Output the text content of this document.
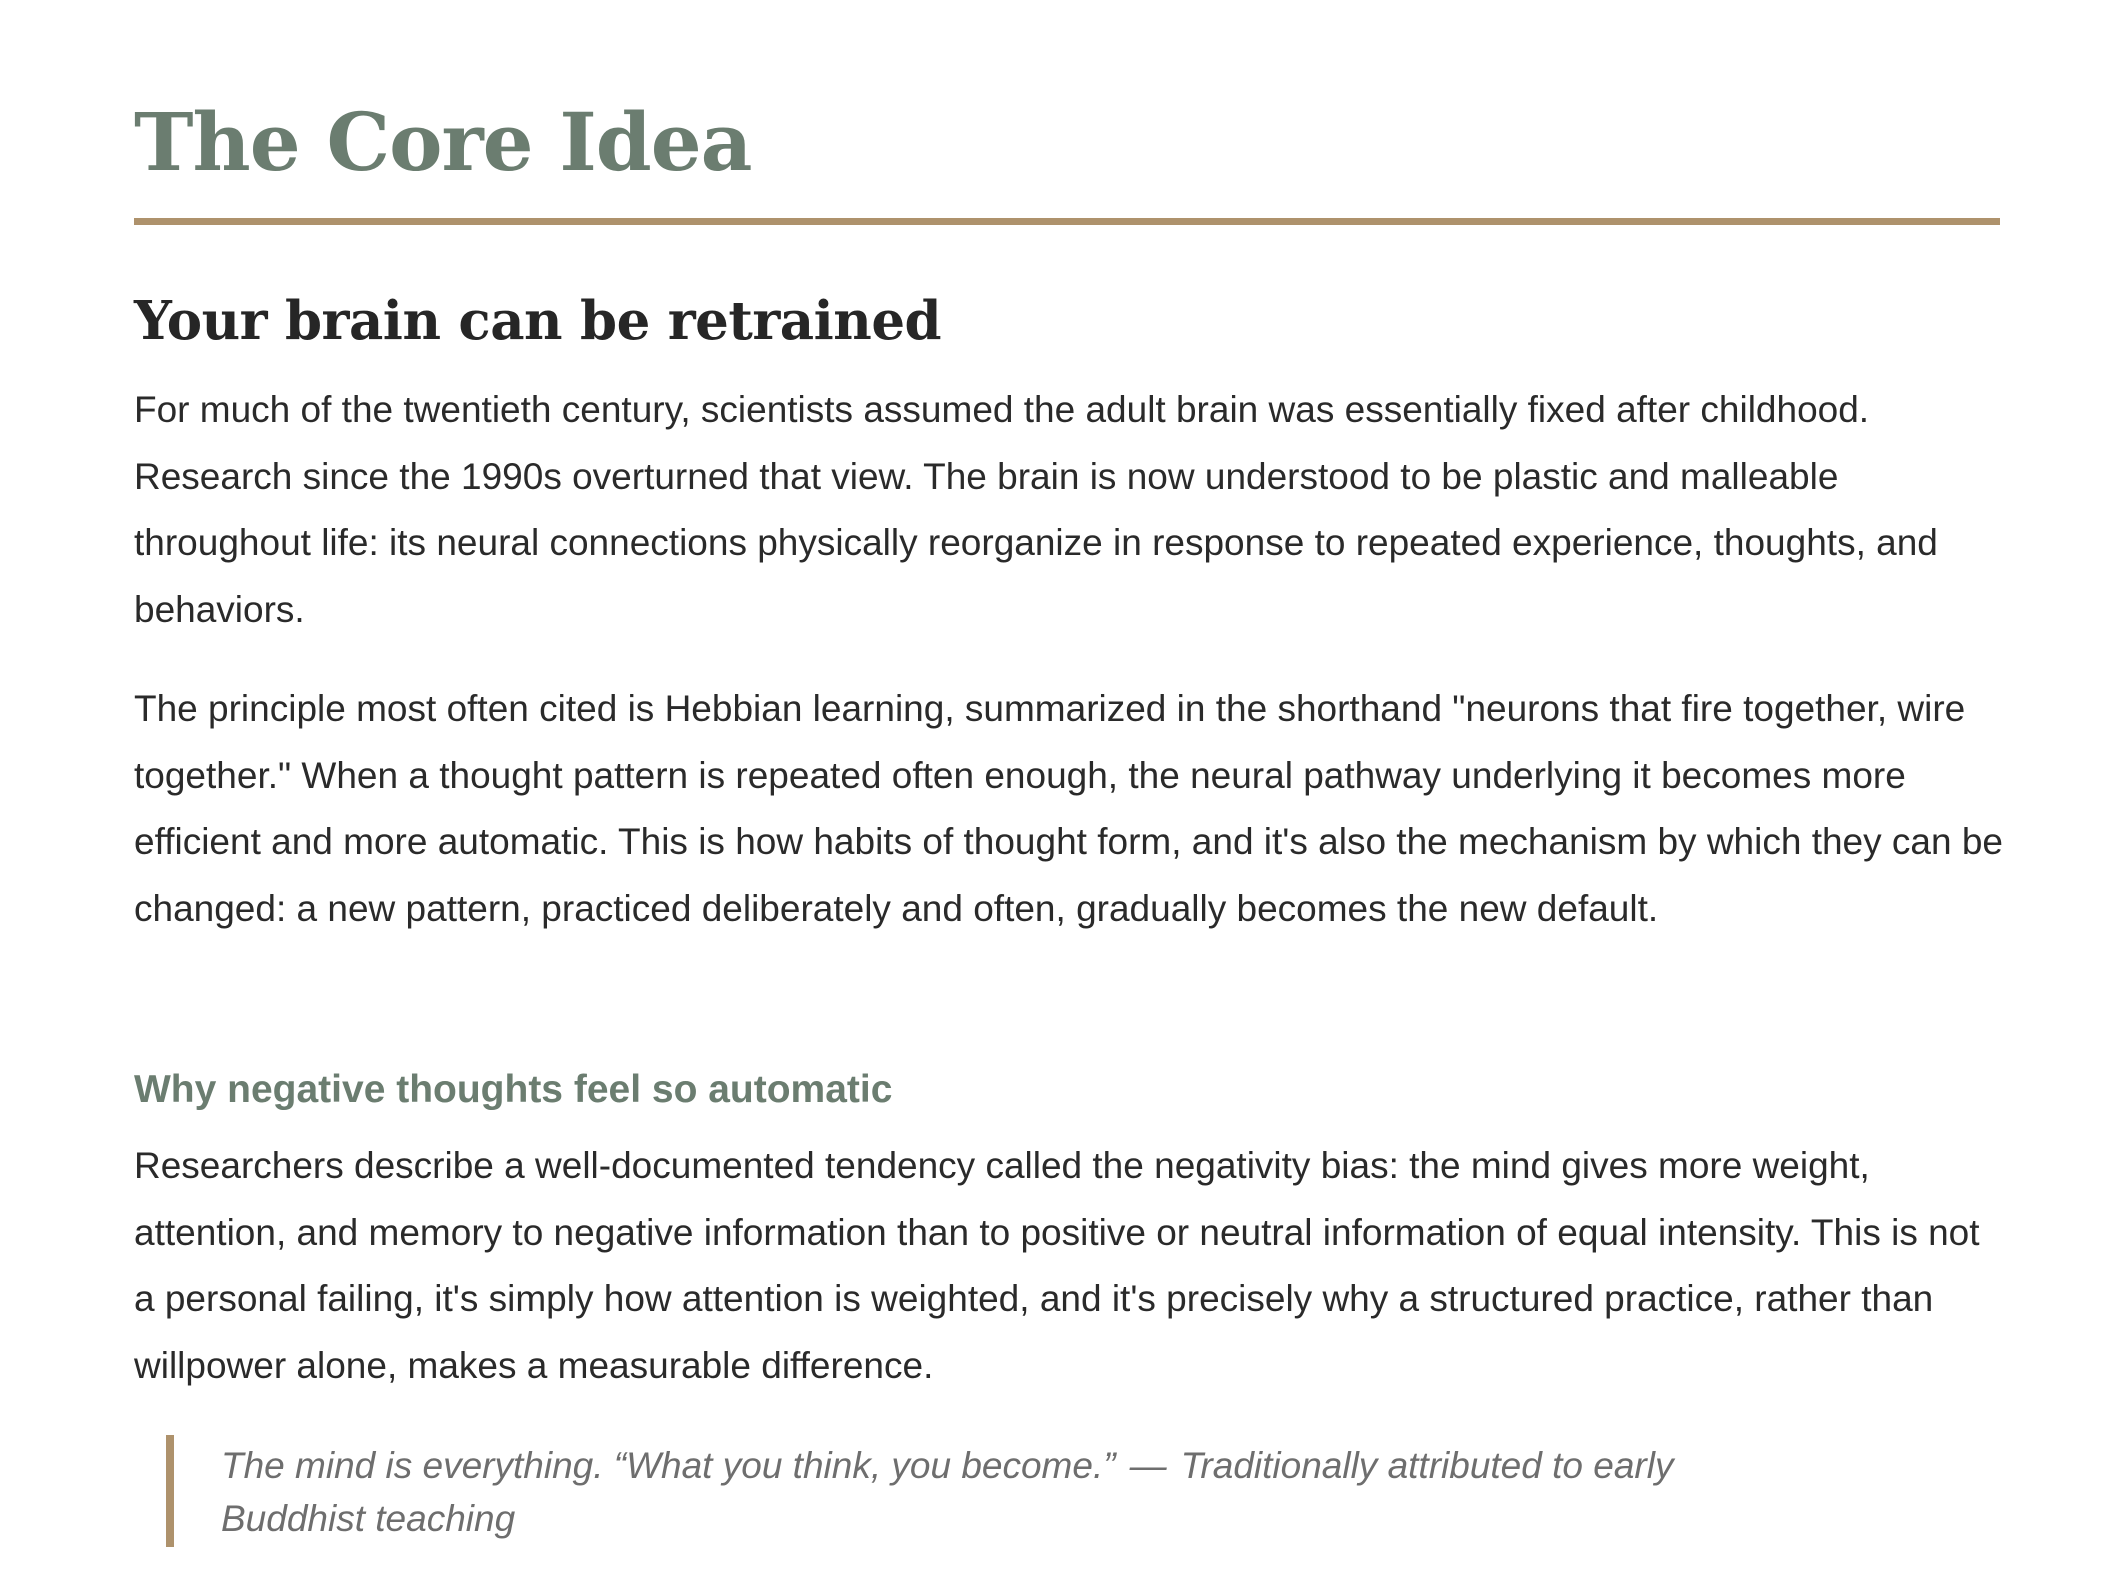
The Core Idea
Your brain can be retrained

For much of the twentieth century, scientists assumed the adult brain was essentially fixed after childhood. Research since the 1990s overturned that view. The brain is now understood to be plastic and malleable throughout life: its neural connections physically reorganize in response to repeated experience, thoughts, and behaviors.

The principle most often cited is Hebbian learning, summarized in the shorthand "neurons that fire together, wire together." When a thought pattern is repeated often enough, the neural pathway underlying it becomes more efficient and more automatic. This is how habits of thought form, and it's also the mechanism by which they can be changed: a new pattern, practiced deliberately and often, gradually becomes the new default.

Why negative thoughts feel so automatic

Researchers describe a well-documented tendency called the negativity bias: the mind gives more weight, attention, and memory to negative information than to positive or neutral information of equal intensity. This is not a personal failing, it's simply how attention is weighted, and it's precisely why a structured practice, rather than willpower alone, makes a measurable difference.

The mind is everything. “What you think, you become.” — Traditionally attributed to early Buddhist teaching
